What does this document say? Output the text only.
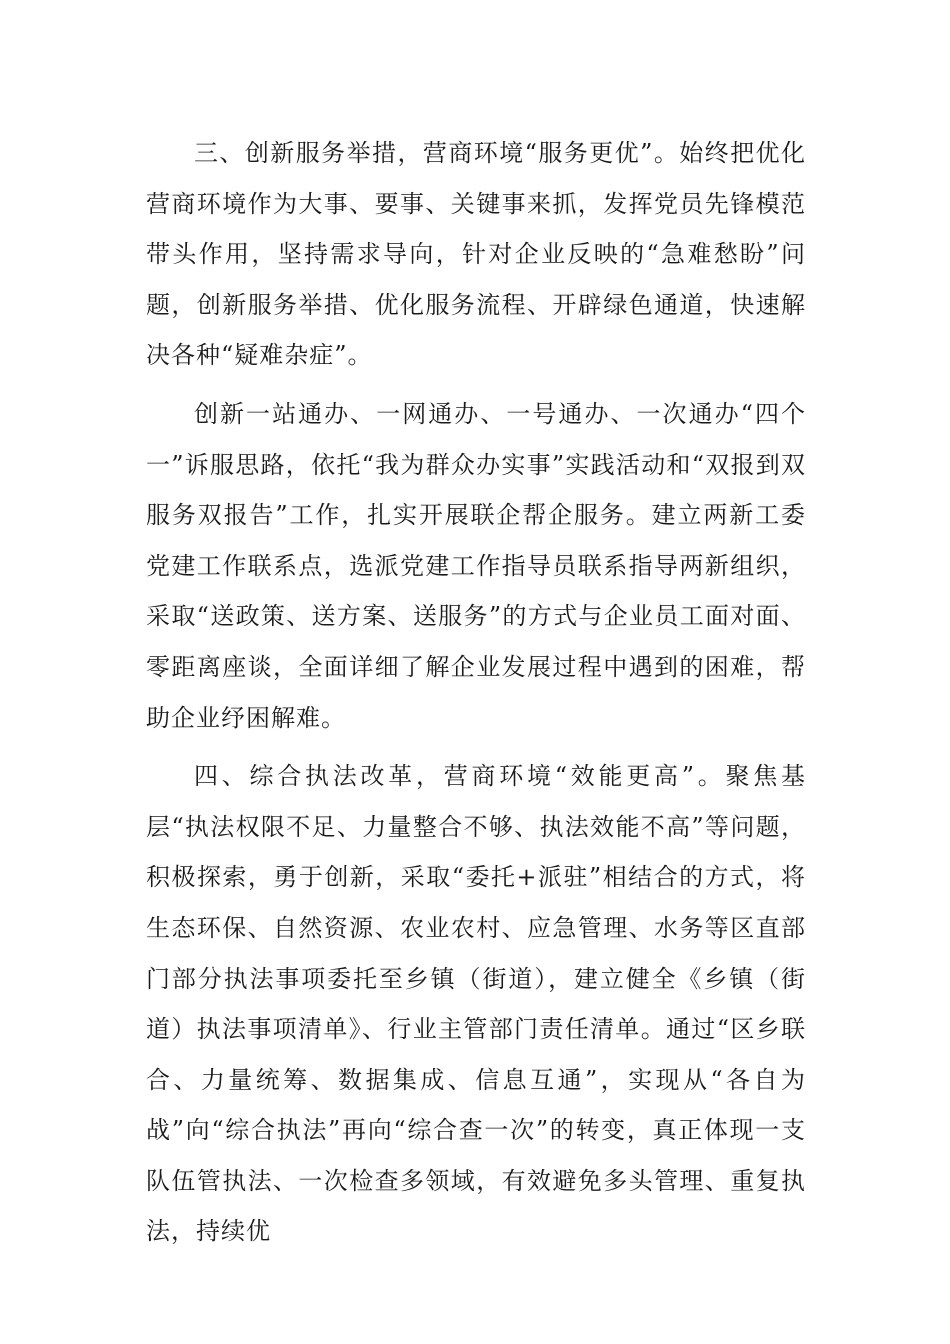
三、创新服务举措，营商环境“服务更优”。始终把优化营商环境作为大事、要事、关键事来抓，发挥党员先锋模范带头作用，坚持需求导向，针对企业反映的“急难愁盼”问题，创新服务举措、优化服务流程、开辟绿色通道，快速解决各种“疑难杂症”。

创新一站通办、一网通办、一号通办、一次通办“四个一”诉服思路，依托“我为群众办实事”实践活动和“双报到双服务双报告”工作，扎实开展联企帮企服务。建立两新工委党建工作联系点，选派党建工作指导员联系指导两新组织，采取“送政策、送方案、送服务”的方式与企业员工面对面、零距离座谈，全面详细了解企业发展过程中遇到的困难，帮助企业纾困解难。

四、综合执法改革，营商环境“效能更高”。聚焦基层“执法权限不足、力量整合不够、执法效能不高”等问题，积极探索，勇于创新，采取“委托+派驻”相结合的方式，将生态环保、自然资源、农业农村、应急管理、水务等区直部门部分执法事项委托至乡镇（街道），建立健全《乡镇（街道）执法事项清单》、行业主管部门责任清单。通过“区乡联合、力量统筹、数据集成、信息互通”，实现从“各自为战”向“综合执法”再向“综合查一次”的转变，真正体现一支队伍管执法、一次检查多领域，有效避免多头管理、重复执法，持续优
